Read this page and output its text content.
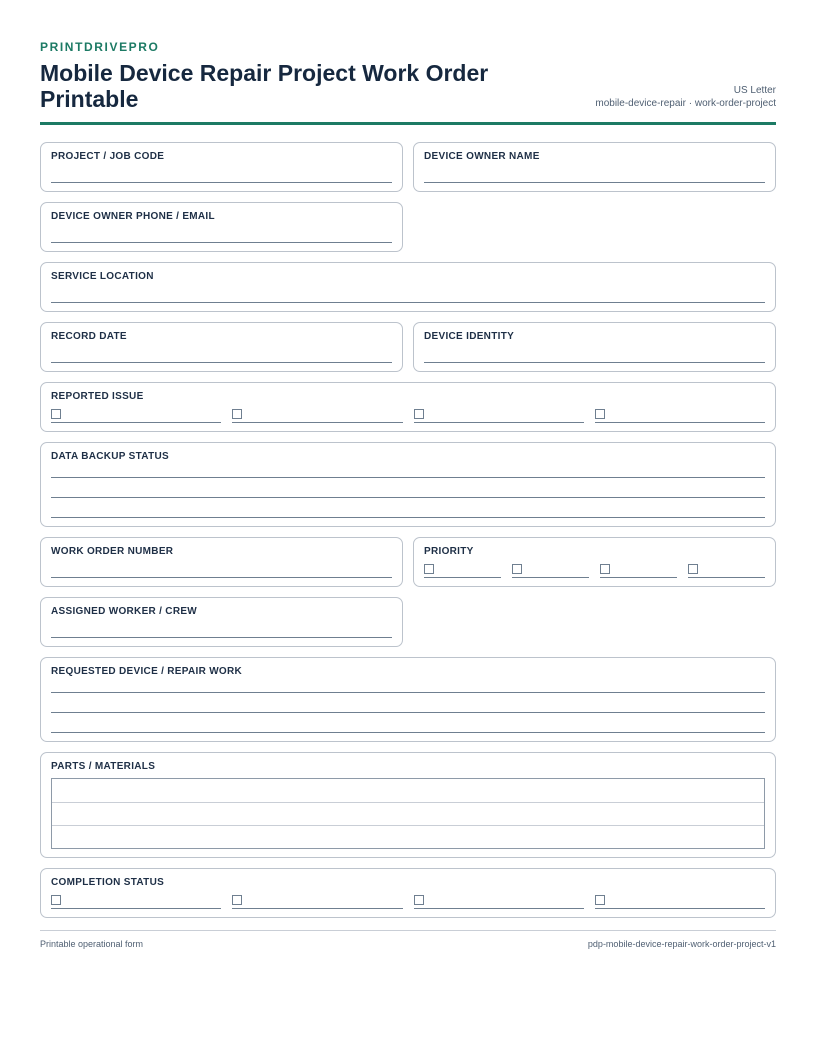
PRINTDRIVEPRO
Mobile Device Repair Project Work Order Printable	US Letter
mobile-device-repair · work-order-project
PROJECT / JOB CODE	DEVICE OWNER NAME
DEVICE OWNER PHONE / EMAIL
SERVICE LOCATION
RECORD DATE	DEVICE IDENTITY
REPORTED ISSUE
DATA BACKUP STATUS
WORK ORDER NUMBER	PRIORITY
ASSIGNED WORKER / CREW
REQUESTED DEVICE / REPAIR WORK
PARTS / MATERIALS
COMPLETION STATUS
Printable operational form	pdp-mobile-device-repair-work-order-project-v1
